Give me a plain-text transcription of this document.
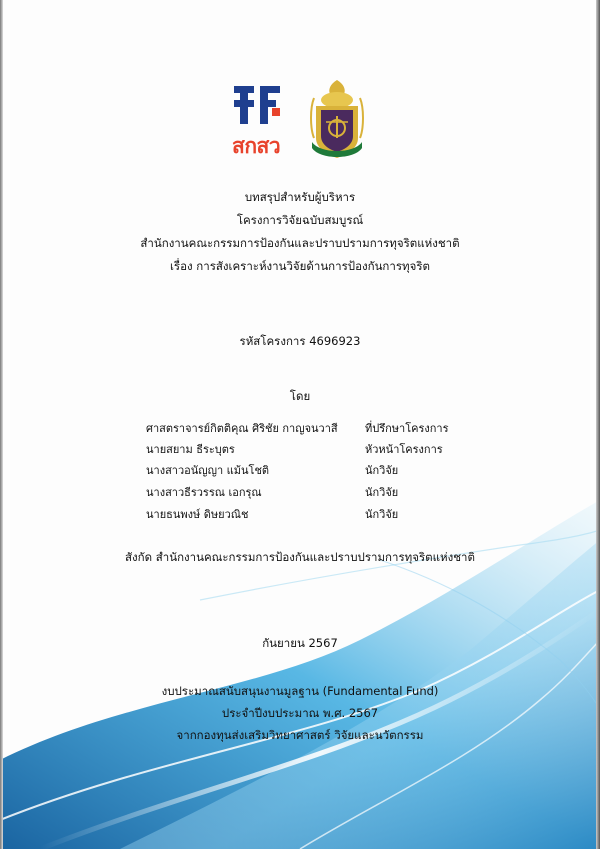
สกสว
บทสรุปสำหรับผู้บริหาร
โครงการวิจัยฉบับสมบูรณ์
สำนักงานคณะกรรมการป้องกันและปราบปรามการทุจริตแห่งชาติ
เรื่อง การสังเคราะห์งานวิจัยด้านการป้องกันการทุจริต
รหัสโครงการ 4696923
โดย
ศาสตราจารย์กิตติคุณ ศิริชัย กาญจนวาสี ที่ปรึกษาโครงการ
นายสยาม ธีระบุตร	หัวหน้าโครงการ
นางสาวอนัญญา แม้นโชติ	นักวิจัย
นางสาวธีรวรรณ เอกรุณ	นักวิจัย
นายธนพงษ์ ดิษยวณิช	นักวิจัย
สังกัด สำนักงานคณะกรรมการป้องกันและปราบปรามการทุจริตแห่งชาติ
กันยายน 2567
งบประมาณสนับสนุนงานมูลฐาน (Fundamental Fund)
ประจำปีงบประมาณ พ.ศ. 2567
จากกองทุนส่งเสริมวิทยาศาสตร์ วิจัยและนวัตกรรม
